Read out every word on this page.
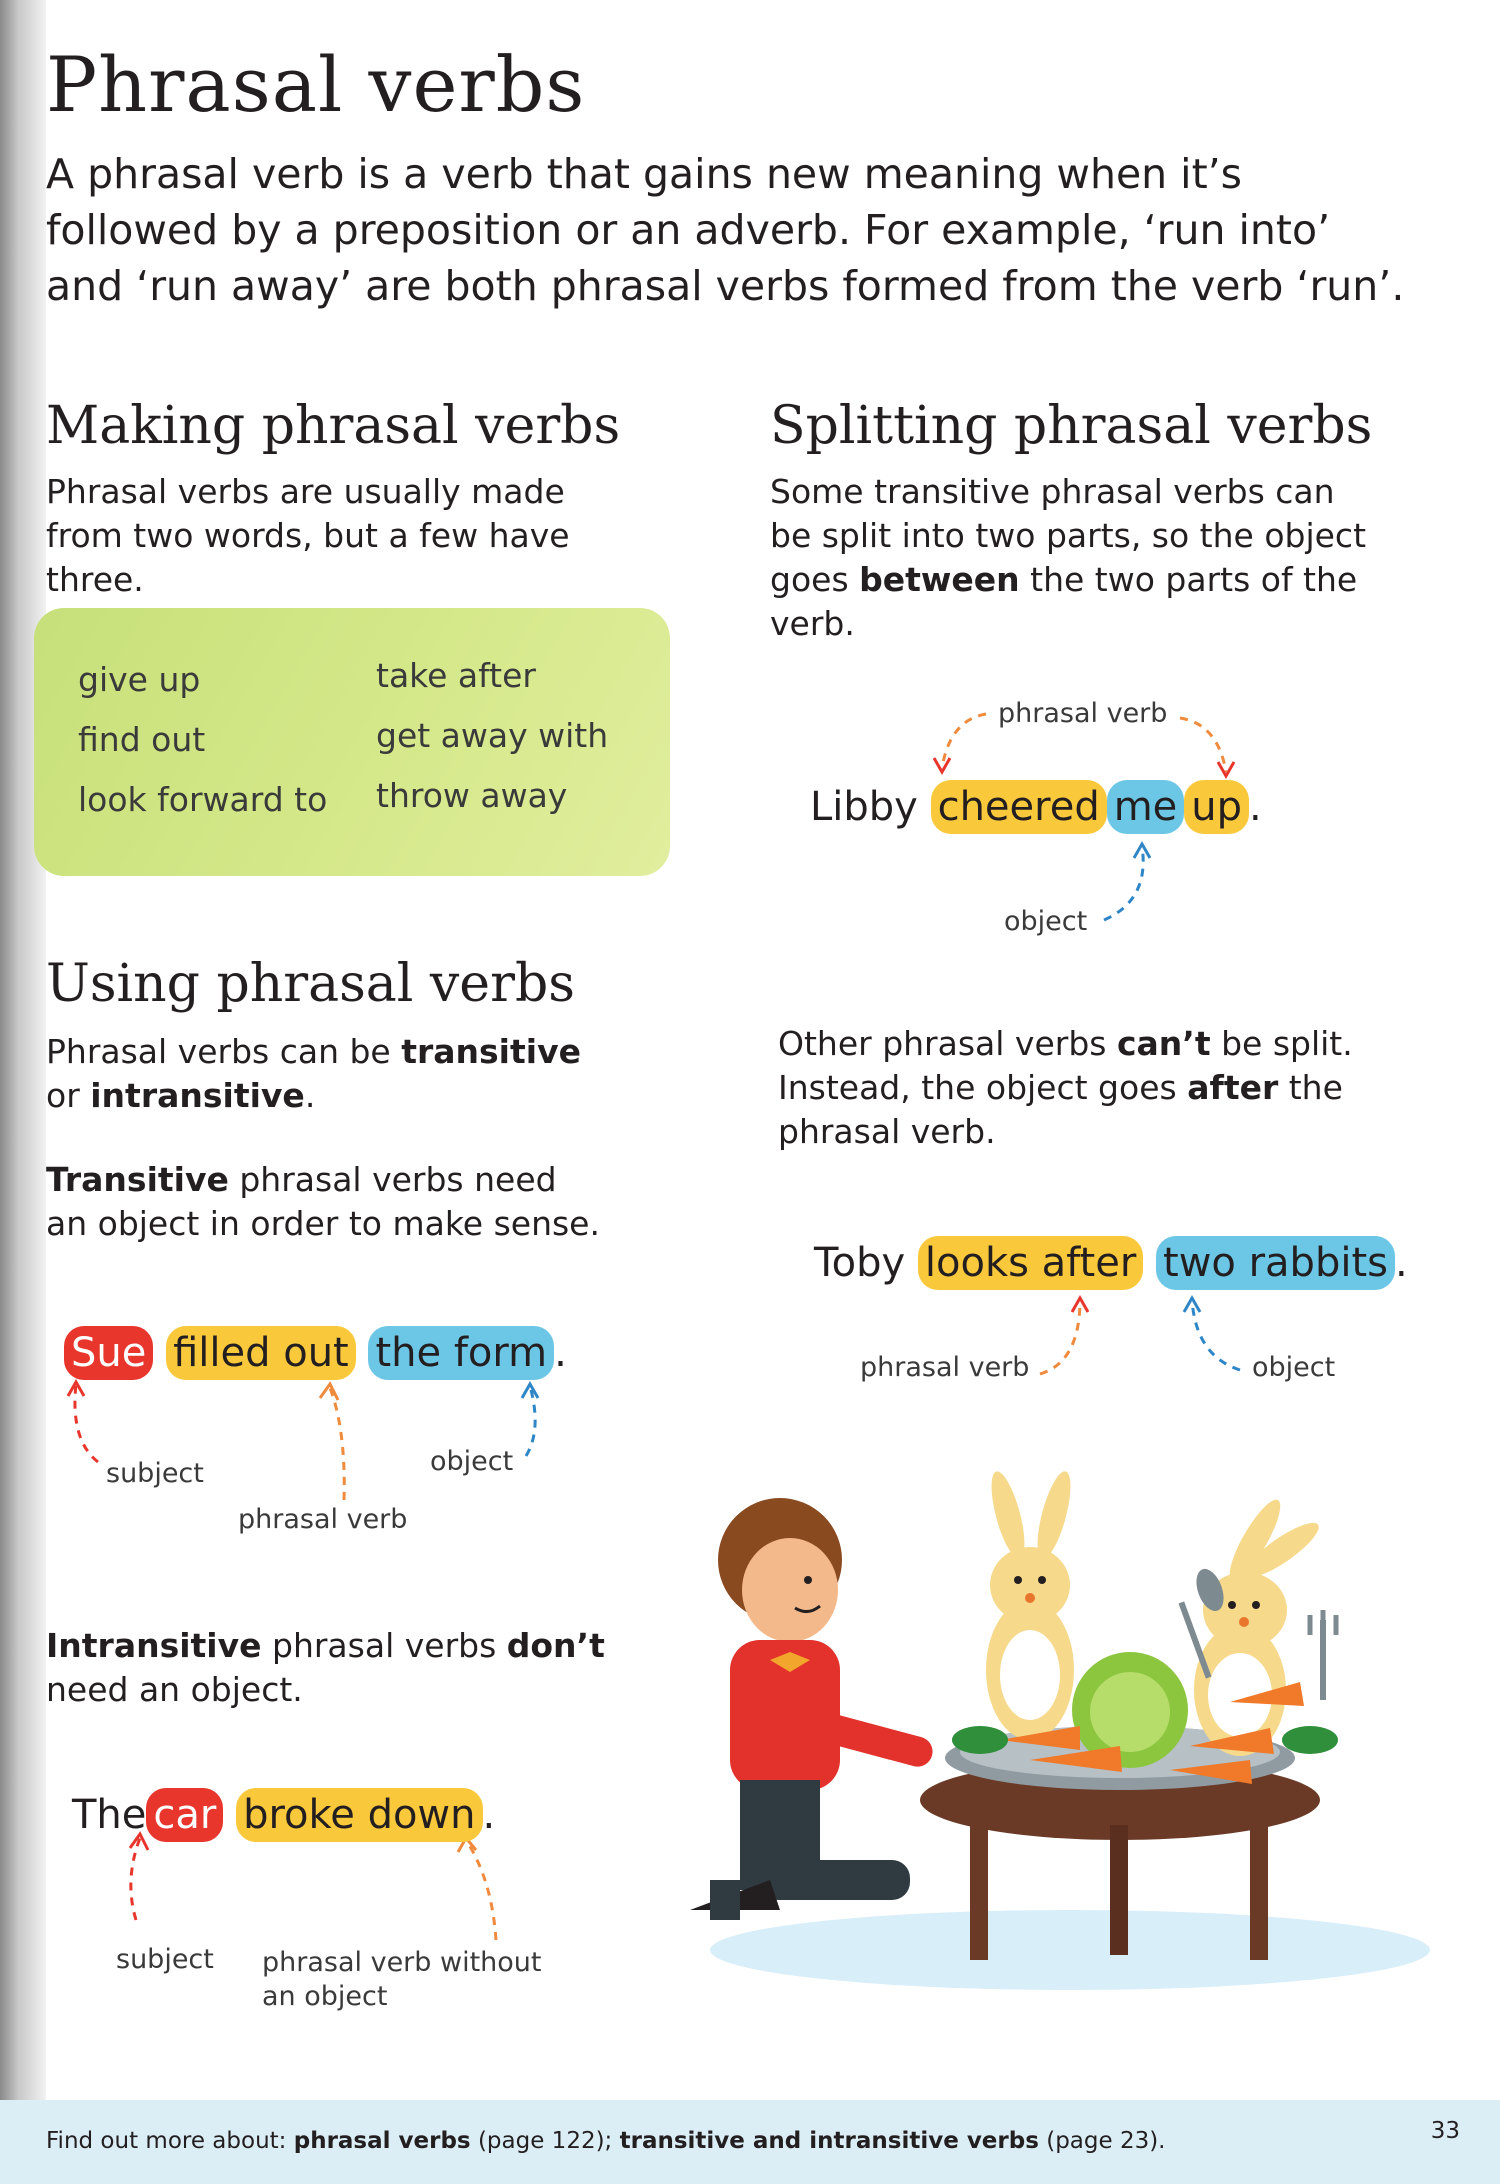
Phrasal verbs
A phrasal verb is a verb that gains new meaning when it’s followed by a preposition or an adverb. For example, ‘run into’ and ‘run away’ are both phrasal verbs formed from the verb ‘run’.
Making phrasal verbs
Phrasal verbs are usually made from two words, but a few have three.
give up
find out
look forward to
take after
get away with
throw away
Using phrasal verbs
Phrasal verbs can be transitive or intransitive.
Transitive phrasal verbs need an object in order to make sense.
Sue filled out the form .
subject
phrasal verb
object
Intransitive phrasal verbs don’t need an object.
The car broke down .
subject phrasal verb without an object
Splitting phrasal verbs
Some transitive phrasal verbs can be split into two parts, so the object goes between the two parts of the verb.
phrasal verb
Libby cheered me up .
object
Other phrasal verbs can’t be split. Instead, the object goes after the phrasal verb.
Toby looks after two rabbits .
phrasal verb	object
Find out more about: phrasal verbs (page 122); transitive and intransitive verbs (page 23).	33
